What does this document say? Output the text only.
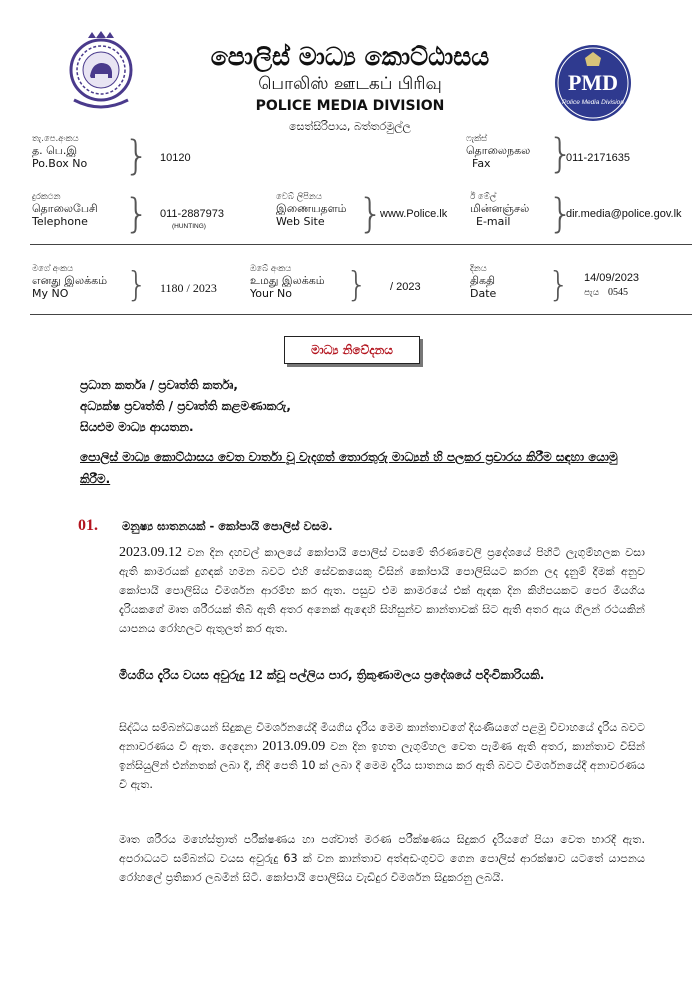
පොලිස් මාධ්‍ය කොට්ඨාසය
பொலிஸ் ஊடகப் பிரிவு
POLICE MEDIA DIVISION
සෙත්සිරිපාය, බත්තරමුල්ල
PMD
Police Media Division
තැ.පෙ.අංකය
த. பெ.இ
Po.Box No } 10120
ෆැක්ස්
தொலைநகல
Fax	}
011-2171635
දුරකථන
தொலைபேசி
Telephone } 011-2887973
(HUNTING)
වෙබ් ලිපිනය
இணையதளம்
Web Site }
www.Police.lk
ඊ මේල්
மின்னஞ்சல்
E-mail }
dir.media@police.gov.lk
මගේ අංකය
எனது இலக்கம்
My NO	} 1180 / 2023
ඔබේ අංකය
உமது இலக்கம்
Your No	} / 2023
දිනය
திகதி
Date } 14/09/2023
පැය 0545
මාධ්‍ය නිවේදනය
ප්‍රධාන කර්තෘ / ප්‍රවෘත්ති කර්තෘ,
අධ්‍යක්ෂ ප්‍රවෘත්ති / ප්‍රවෘත්ති කළමණාකරු,
සියළුම මාධ්‍ය ආයතන.
පොලිස් මාධ්‍ය කොට්ඨාසය වෙත වාර්තා වූ වැදගත් තොරතුරු මාධ්‍යන් හි පලකර ප්‍රචාරය කිරීම සඳහා යොමු කිරීම.
01. මනුෂ්‍ය ඝාතනයක් - කෝපායි පොලිස් වසම.
2023.09.12 වන දින දහවල් කාලයේ කෝපායි පොලිස් වසමේ තිරණවෙලි ප්‍රදේශයේ පිහිටි ලැගුම්හලක වසා ඇති කාමරයක් දුගඳක් හමන බවට එහි සේවකයෙකු විසින් කෝපායි පොලිසියට කරන ලද දැනුම් දීමක් අනුව කෝපායි පොලිසිය විමර්ශන ආරම්භ කර ඇත. පසුව එම කාමරයේ එක් ඇඳක දින කිහිපයකට පෙර මියගිය දැරියකගේ මෘත ශරීරයක් තිබී ඇති අතර අනෙක් ඇඳෙහි සිහිසුන්ව කාන්තාවක් සිට ඇති අතර ඇය ගිලන් රථයකින් යාපනය රෝහලට ඇතුලත් කර ඇත.
මියගිය දැරිය වයස අවුරුදු 12 ක්වූ පල්ලිය පාර, ත්‍රිකුණාමලය ප්‍රදේශයේ පදිංචිකාරියකි.
සිද්ධිය සම්බන්ධයෙන් සිදුකළ විමර්ශනයේදී මියගිය දැරිය මෙම කාන්තාවගේ දියණියගේ පළමු විවාහයේ දැරිය බවට අනාවරණය වී ඇත. දෙදෙනා 2013.09.09 වන දින ඉහත ලැගුම්හල වෙත පැමිණ ඇති අතර, කාන්තාව විසින් ඉන්සියුලින් එන්නතක් ලබා දී, නිදි පෙති 10 ක් ලබා දී මෙම දැරිය ඝාතනය කර ඇති බවට විමර්ශනයේදී අනාවරණය වී ඇත.
මෘත ශරීරය මහේස්ත්‍රාත් පරීක්ෂණය හා පශ්චාත් මරණ පරීක්ෂණය සිදුකර දැරියගේ පියා වෙත භාරදී ඇත. අපරාධයට සම්බන්ධ වයස අවුරුදු 63 ක් වන කාන්තාව අත්අඩංගුවට ගෙන පොලිස් ආරක්ෂාව යටතේ යාපනය රෝහලේ ප්‍රතිකාර ලබමින් සිටී. කෝපායි පොලිසිය වැඩිදුර විමර්ශන සිදුකරනු ලබයි.
